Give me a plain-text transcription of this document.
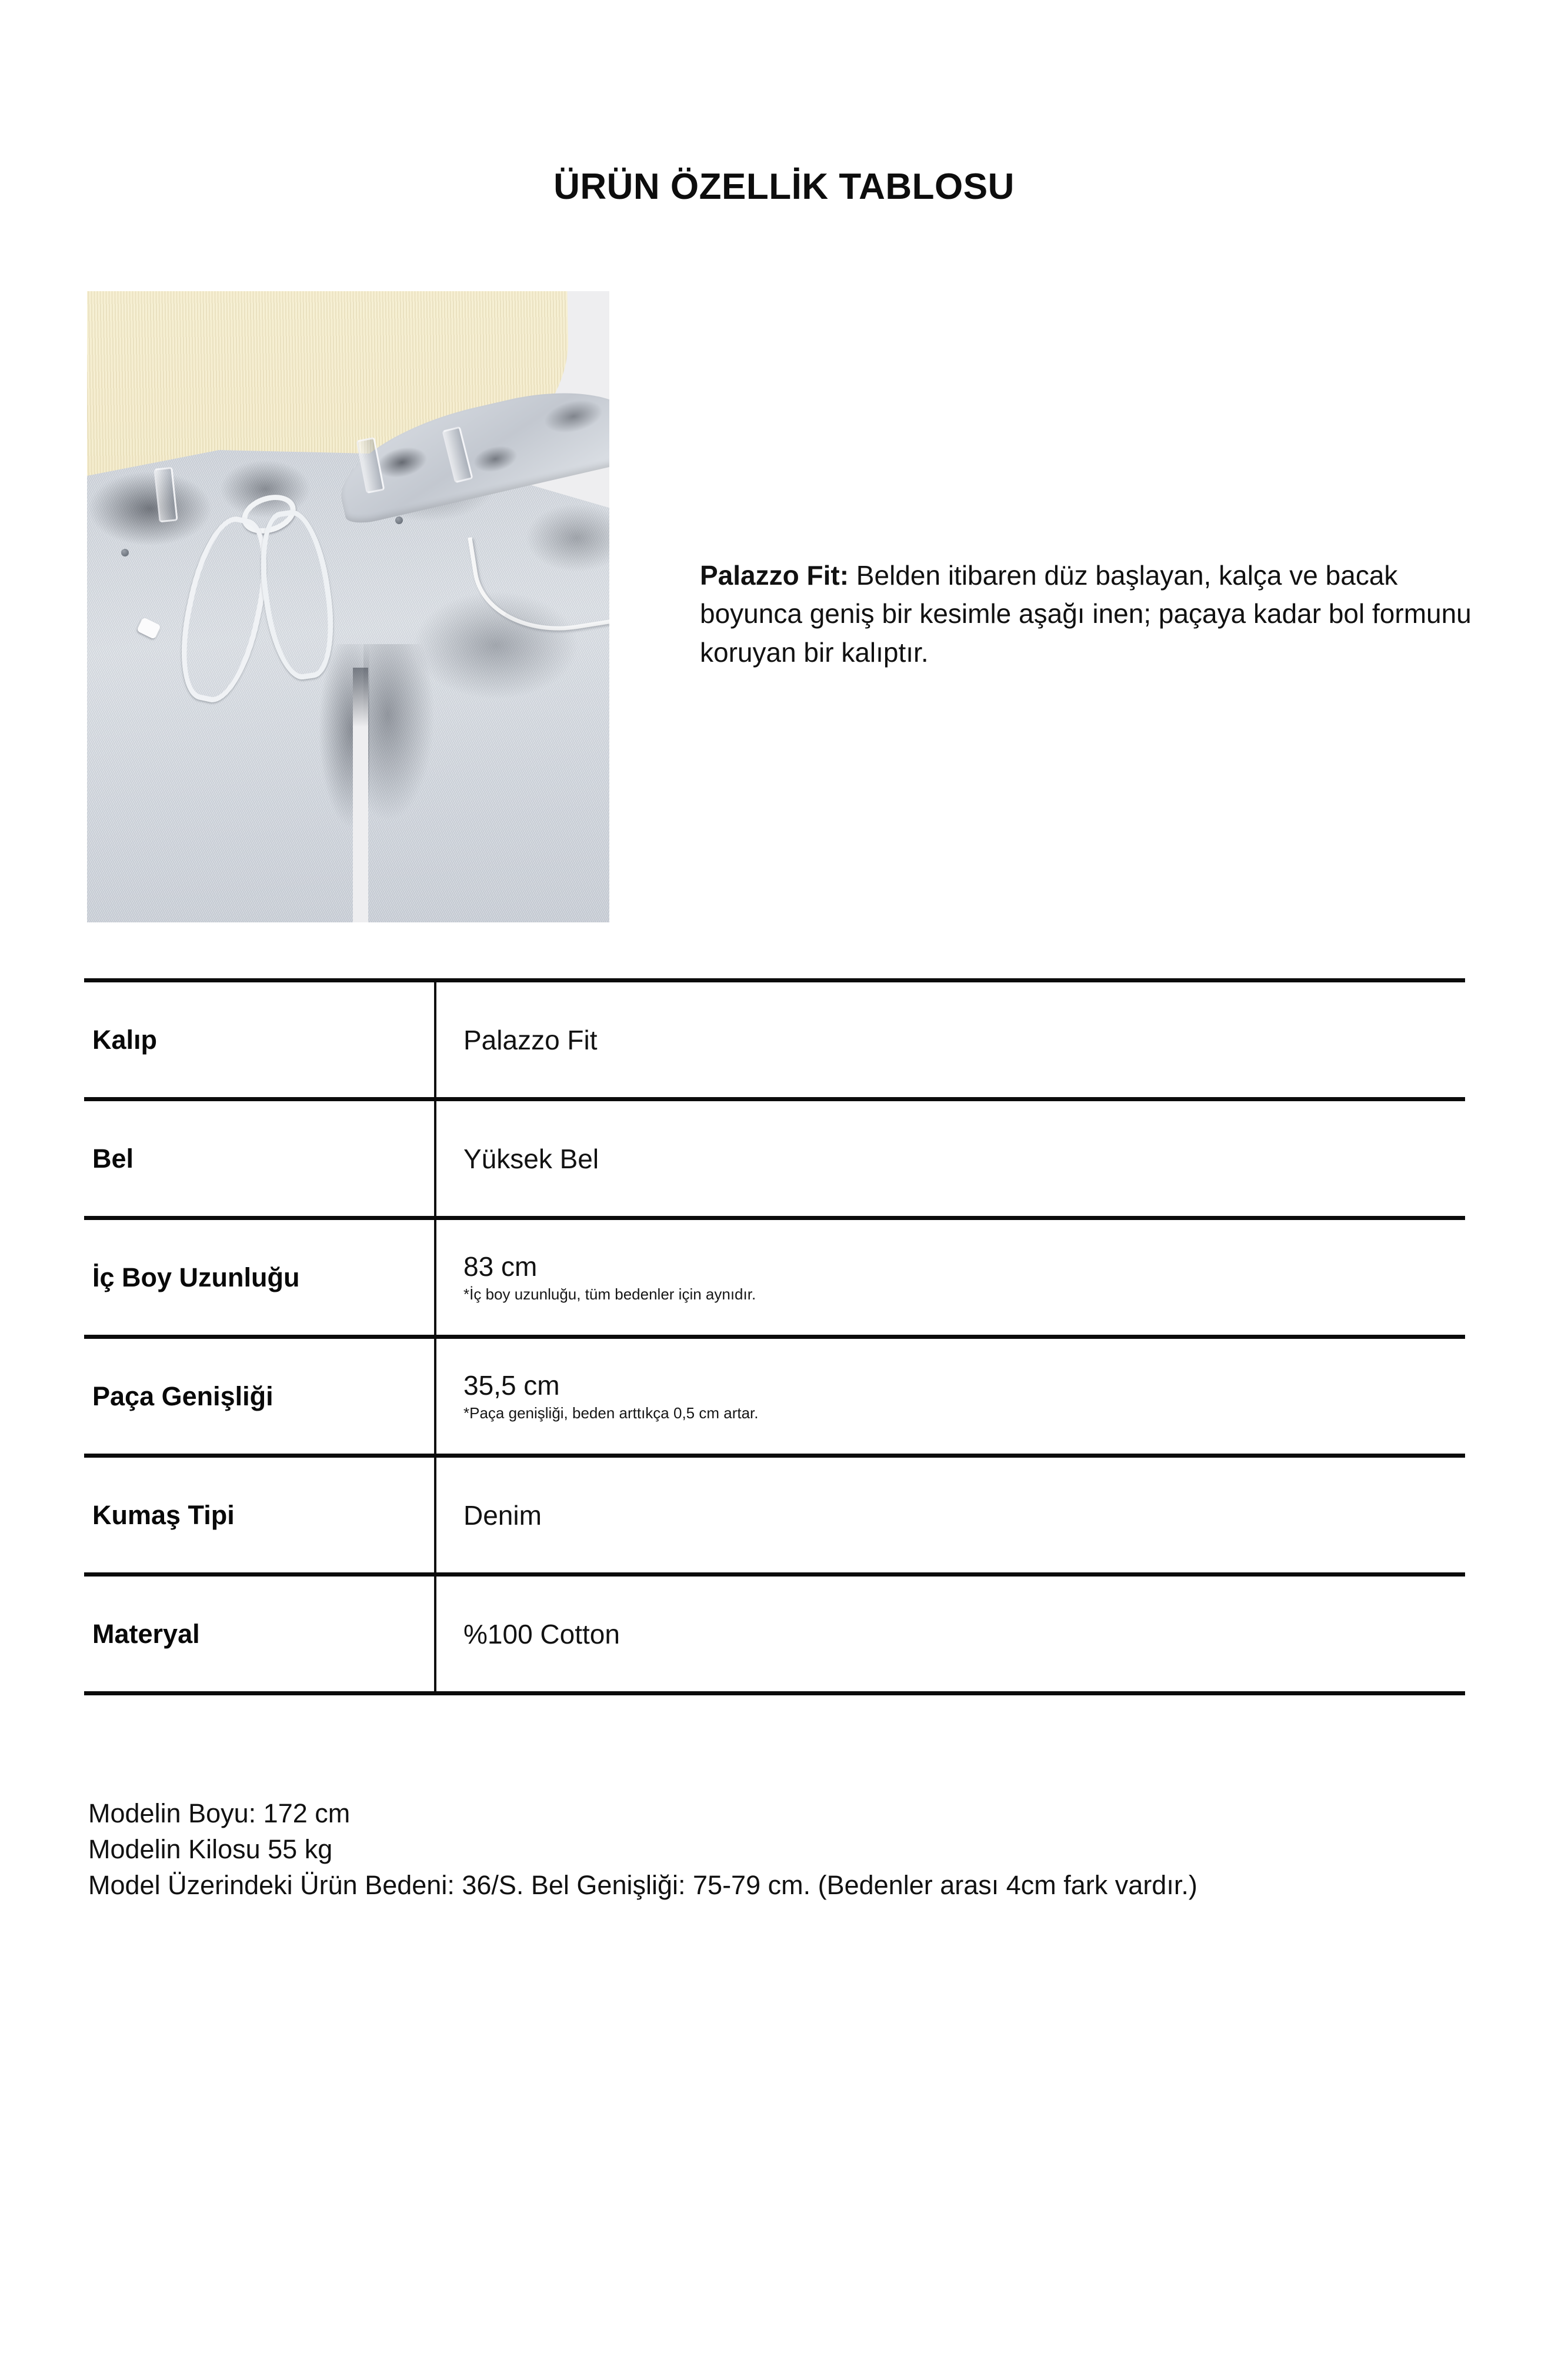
ÜRÜN ÖZELLİK TABLOSU

Palazzo Fit: Belden itibaren düz başlayan, kalça ve bacak boyunca geniş bir kesimle aşağı inen; paçaya kadar bol formunu koruyan bir kalıptır.

Kalıp	Palazzo Fit
Bel	Yüksek Bel
İç Boy Uzunluğu	83 cm
*İç boy uzunluğu, tüm bedenler için aynıdır.
Paça Genişliği	35,5 cm
*Paça genişliği, beden arttıkça 0,5 cm artar.
Kumaş Tipi	Denim
Materyal	%100 Cotton
Modelin Boyu: 172 cm
Modelin Kilosu 55 kg
Model Üzerindeki Ürün Bedeni: 36/S. Bel Genişliği: 75-79 cm. (Bedenler arası 4cm fark vardır.)
